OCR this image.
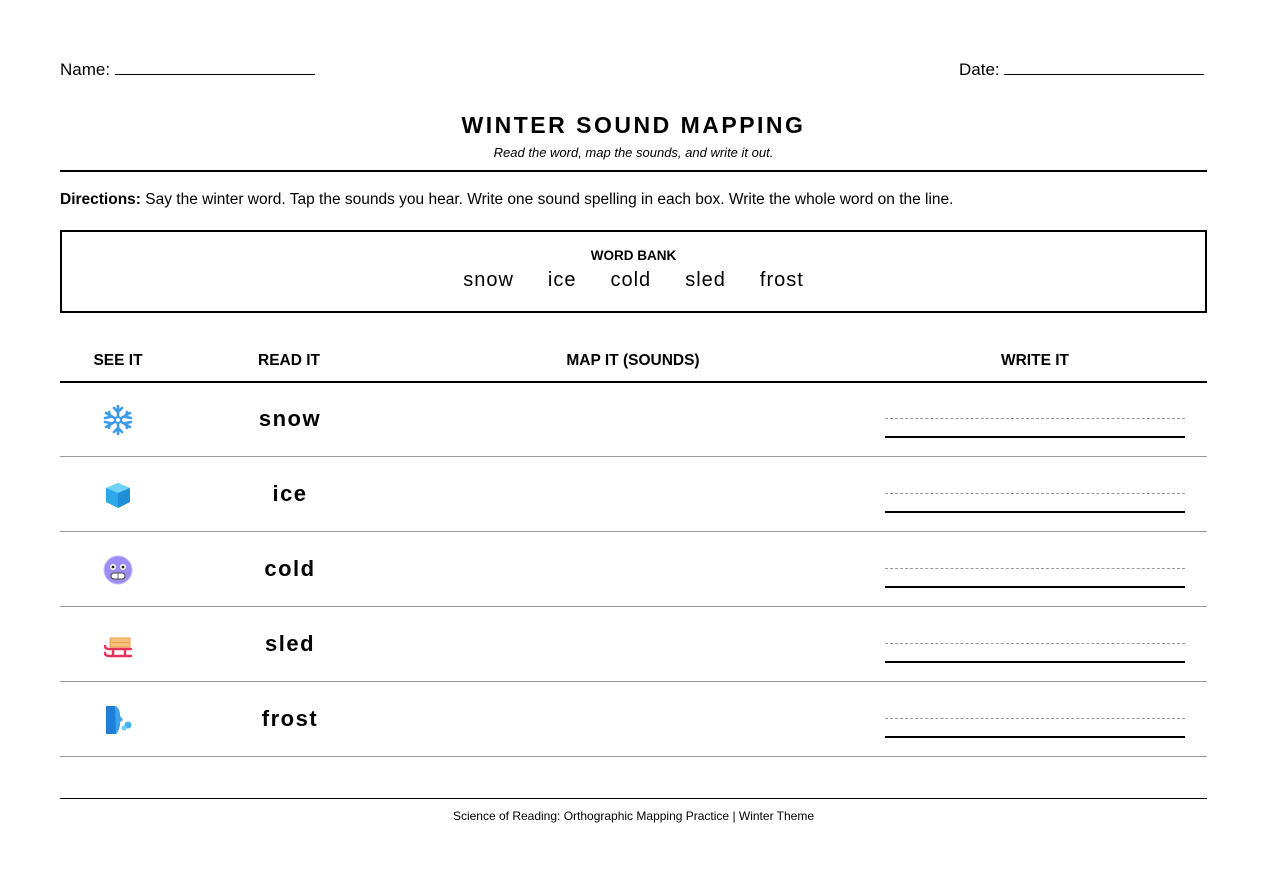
Name:	Date:
WINTER SOUND MAPPING
Read the word, map the sounds, and write it out.
Directions: Say the winter word. Tap the sounds you hear. Write one sound spelling in each box. Write the whole word on the line.
WORD BANK
snow ice cold sled frost
SEE IT	READ IT	MAP IT (SOUNDS)	WRITE IT
snow
ice
cold
sled
frost
Science of Reading: Orthographic Mapping Practice | Winter Theme
